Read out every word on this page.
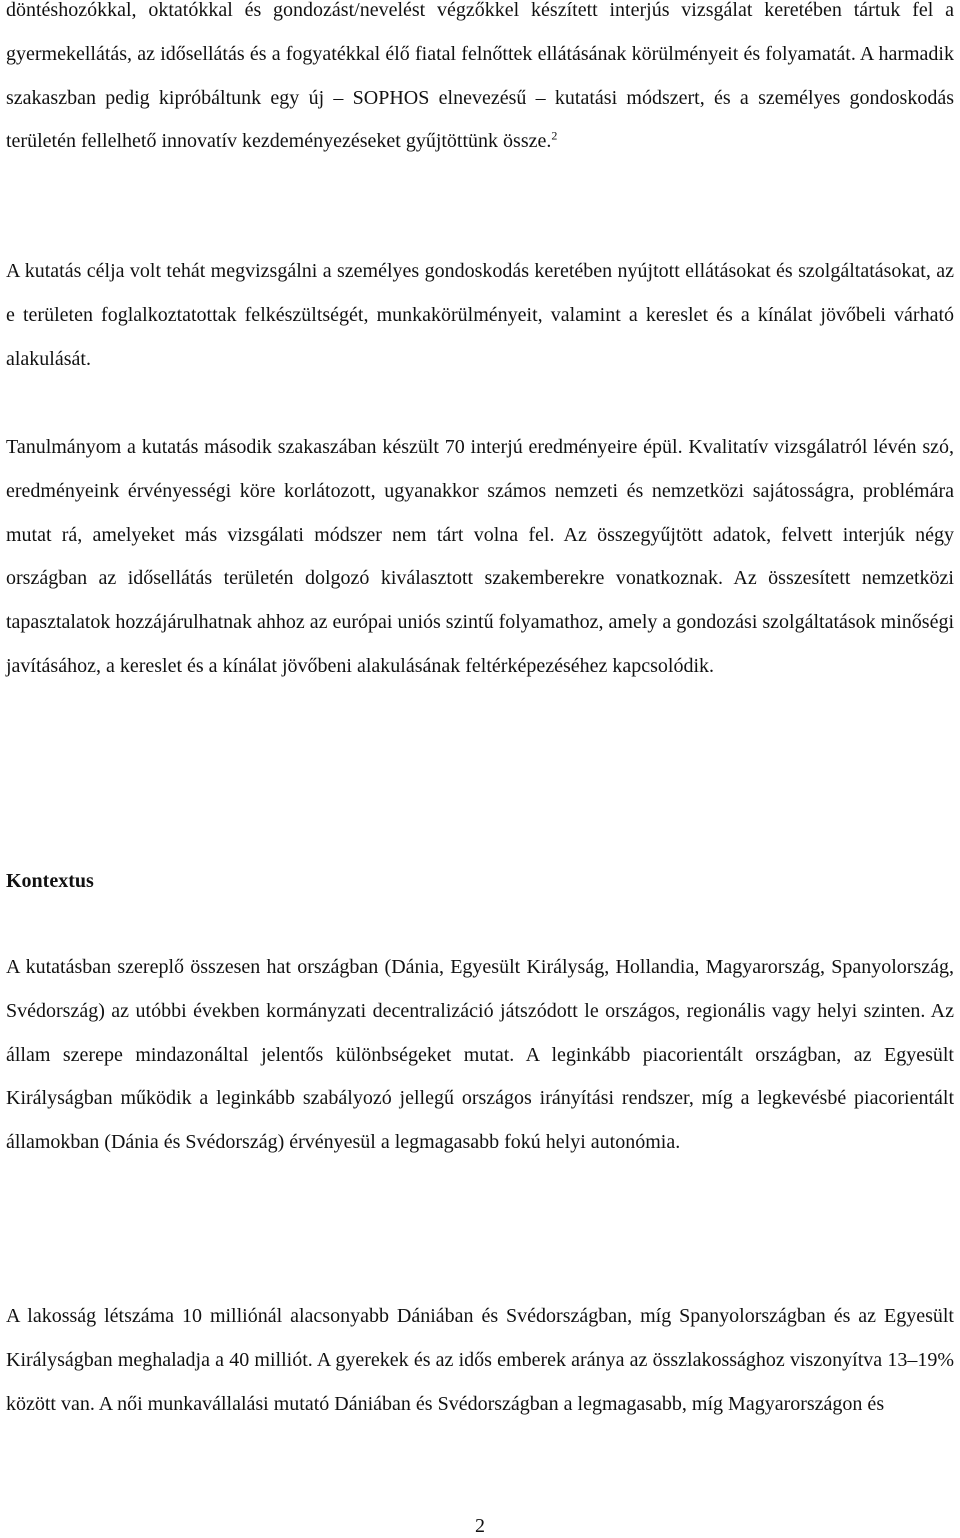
döntéshozókkal, oktatókkal és gondozást/nevelést végzőkkel készített interjús vizsgálat keretében tártuk fel a gyermekellátás, az idősellátás és a fogyatékkal élő fiatal felnőttek ellátásának körülményeit és folyamatát. A harmadik szakaszban pedig kipróbáltunk egy új – SOPHOS elnevezésű – kutatási módszert, és a személyes gondoskodás területén fellelhető innovatív kezdeményezéseket gyűjtöttünk össze.$^2$

A kutatás célja volt tehát megvizsgálni a személyes gondoskodás keretében nyújtott ellátásokat és szolgáltatásokat, az e területen foglalkoztatottak felkészültségét, munkakörülményeit, valamint a kereslet és a kínálat jövőbeli várható alakulását.

Tanulmányom a kutatás második szakaszában készült 70 interjú eredményeire épül. Kvalitatív vizsgálatról lévén szó, eredményeink érvényességi köre korlátozott, ugyanakkor számos nemzeti és nemzetközi sajátosságra, problémára mutat rá, amelyeket más vizsgálati módszer nem tárt volna fel. Az összegyűjtött adatok, felvett interjúk négy országban az idősellátás területén dolgozó kiválasztott szakemberekre vonatkoznak. Az összesített nemzetközi tapasztalatok hozzájárulhatnak ahhoz az európai uniós szintű folyamathoz, amely a gondozási szolgáltatások minőségi javításához, a kereslet és a kínálat jövőbeni alakulásának feltérképezéséhez kapcsolódik.

Kontextus

A kutatásban szereplő összesen hat országban (Dánia, Egyesült Királyság, Hollandia, Magyarország, Spanyolország, Svédország) az utóbbi években kormányzati decentralizáció játszódott le országos, regionális vagy helyi szinten. Az állam szerepe mindazonáltal jelentős különbségeket mutat. A leginkább piacorientált országban, az Egyesült Királyságban működik a leginkább szabályozó jellegű országos irányítási rendszer, míg a legkevésbé piacorientált államokban (Dánia és Svédország) érvényesül a legmagasabb fokú helyi autonómia.

A lakosság létszáma 10 milliónál alacsonyabb Dániában és Svédországban, míg Spanyolországban és az Egyesült Királyságban meghaladja a 40 milliót. A gyerekek és az idős emberek aránya az összlakossághoz viszonyítva 13–19% között van. A női munkavállalási mutató Dániában és Svédországban a legmagasabb, míg Magyarországon és

2
